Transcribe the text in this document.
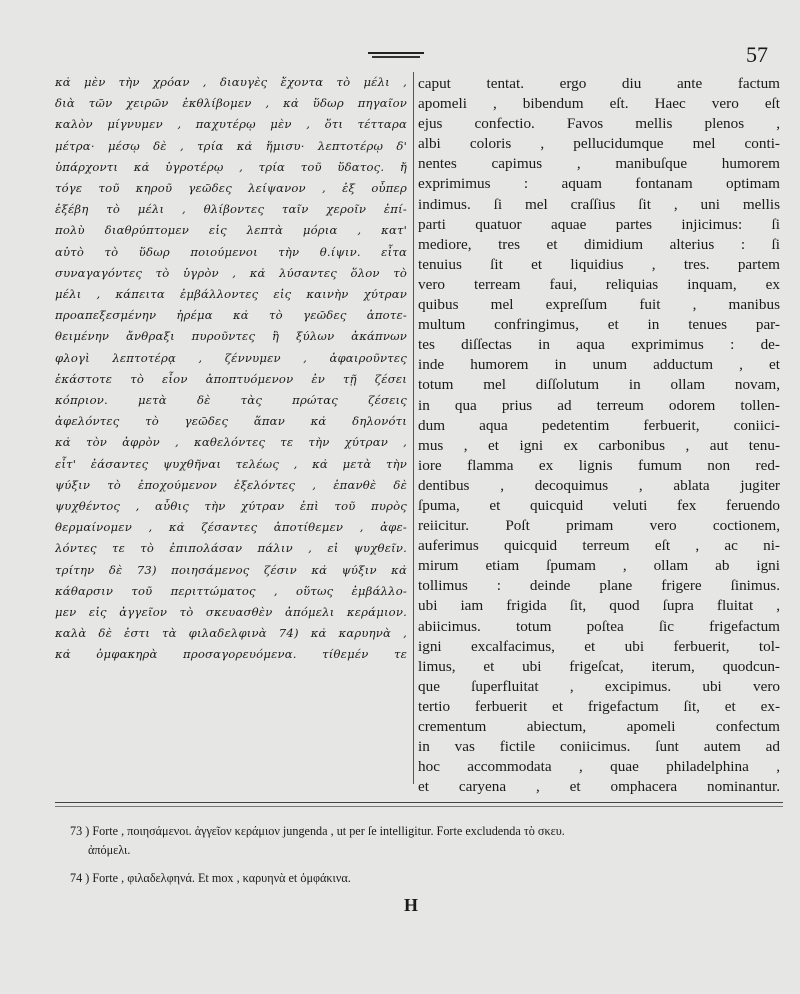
57
κα̇ μὲν τὴν χρόαν , διαυγὲς ἔχοντα τὸ μέλι ,
διὰ τῶν χειρῶν ἐκθλίβομεν , κα̇ ὕδωρ πηγαῖον
καλὸν μίγνυμεν , παχυτέρῳ μὲν , ὅτι τέτταρα
μέτρα· μέσῳ δὲ , τρία κα̇ ἥμισυ· λεπτοτέρῳ δ'
ὑπάρχοντι κα̇ ὑγροτέρῳ , τρία τοῦ ὕδατος. ἤ
τόγε τοῦ κηροῦ γεῶδες λείψανον , ἐξ οὗπερ
ἐξέβη τὸ μέλι , θλίβοντες ταῖν χεροῖν ἐπί-
πολὺ διαθρύπτομεν εἰς λεπτὰ μόρια , κατ'
αὐτὸ τὸ ὕδωρ ποιούμενοι τὴν θ.ίψιν. εἶτα
συναγαγόντες τὸ ὑγρὸν , κα̇ λύσαντες ὅλον τὸ
μέλι , κάπειτα ἐμβάλλοντες εἰς καινὴν χύτραν
προαπεξεσμένην ἠρέμα κα̇ τὸ γεῶδες ἀποτε-
θειμένην ἄνθραξι πυροῦντες ἢ ξύλων ἀκάπνων
φλογὶ λεπτοτέρᾳ , ζέννυμεν , ἀφαιροῦντες
ἑκάστοτε τὸ εἶον ἀποπτυόμενον ἐν τῇ ζέσει
κόπριον. μετὰ δὲ τὰς πρώτας ζέσεις
ἀφελόντες τὸ γεῶδες ἅπαν κα̇ δηλονότι
κα̇ τὸν ἀφρὸν , καθελόντες τε τὴν χύτραν ,
εἶτ' ἐάσαντες ψυχθῆναι τελέως , κα̇ μετὰ τὴν
ψύξιν τὸ ἐποχούμενον ἐξελόντες , ἐπανθὲ δὲ
ψυχθέντος , αὖθις τὴν χύτραν ἐπὶ τοῦ πυρὸς
θερμαίνομεν , κα̇ ζέσαντες ἀποτίθεμεν , ἀφε-
λόντες τε τὸ ἐπιπολάσαν πάλιν , εἰ ψυχθεῖν.
τρίτην δὲ 73) ποιησάμενος ζέσιν κα̇ ψύξιν κα̇
κάθαρσιν τοῦ περιττώματος , οὕτως ἐμβάλλο-
μεν εἰς ἀγγεῖον τὸ σκευασθὲν ἀπόμελι κεράμιον.
καλὰ δὲ ἐστι τὰ φιλαδελφινὰ 74) κα̇ καρυηνὰ ,
κα̇ ὀμφακηρὰ προσαγορευόμενα. τίθεμέν τε
caput tentat. ergo diu ante factum
apomeli , bibendum eſt. Haec vero eſt
ejus confectio. Favos mellis plenos ,
albi coloris , pellucidumque mel conti-
nentes capimus , manibuſque humorem
exprimimus : aquam fontanam optimam
indimus. ſi mel craſſius ſit , uni mellis
parti quatuor aquae partes injicimus: ſi
mediore, tres et dimidium alterius : ſi
tenuius ſit et liquidius , tres. partem
vero terream faui, reliquias inquam, ex
quibus mel expreſſum fuit , manibus
multum confringimus, et in tenues par-
tes diſſectas in aqua exprimimus : de-
inde humorem in unum adductum , et
totum mel diſſolutum in ollam novam,
in qua prius ad terreum odorem tollen-
dum aqua pedetentim ferbuerit, coniici-
mus , et igni ex carbonibus , aut tenu-
iore flamma ex lignis fumum non red-
dentibus , decoquimus , ablata jugiter
ſpuma, et quicquid veluti fex feruendo
reiicitur. Poſt primam vero coctionem,
auferimus quicquid terreum eſt , ac ni-
mirum etiam ſpumam , ollam ab igni
tollimus : deinde plane frigere ſinimus.
ubi iam frigida ſit, quod ſupra fluitat ,
abiicimus. totum poſtea ſic frigefactum
igni excalfacimus, et ubi ferbuerit, tol-
limus, et ubi frigeſcat, iterum, quodcun-
que ſuperfluitat , excipimus. ubi vero
tertio ferbuerit et frigefactum ſit, et ex-
crementum abiectum, apomeli confectum
in vas fictile coniicimus. ſunt autem ad
hoc accommodata , quae philadelphina ,
et caryena , et omphacera nominantur.
73 ) Forte , ποιησάμενοι. ἀγγεῖον κεράμιον jungenda , ut per ſe intelligitur. Forte excludenda τὸ σκευ.
ἀπόμελι.
74 ) Forte , φιλαδελφηνά. Et mox , καρυηνὰ et ὀμφάκινα.
H
